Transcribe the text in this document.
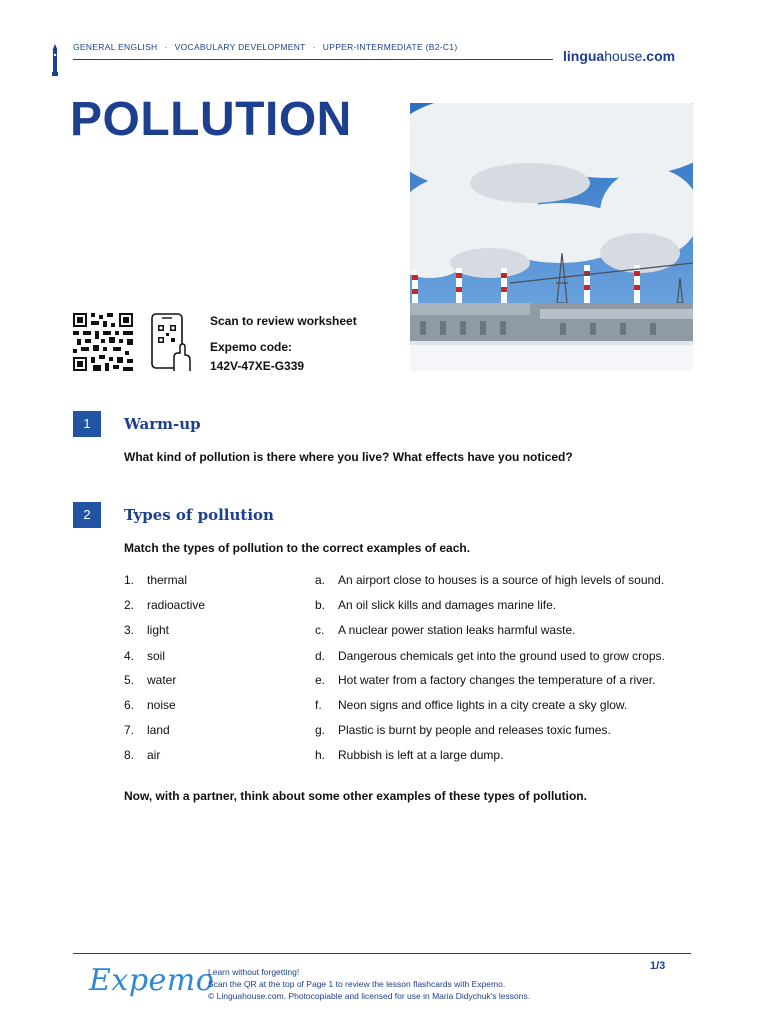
GENERAL ENGLISH · VOCABULARY DEVELOPMENT · UPPER-INTERMEDIATE (B2-C1)
linguahouse.com
POLLUTION
Scan to review worksheet
Expemo code:
142V-47XE-G339
1	Warm-up
What kind of pollution is there where you live? What effects have you noticed?
2	Types of pollution
Match the types of pollution to the correct examples of each.
1. thermal
2. radioactive
3. light
4. soil
5. water
6. noise
7. land
8. air
a. An airport close to houses is a source of high levels of sound.
b. An oil slick kills and damages marine life.
c. A nuclear power station leaks harmful waste.
d. Dangerous chemicals get into the ground used to grow crops.
e. Hot water from a factory changes the temperature of a river.
f. Neon signs and office lights in a city create a sky glow.
g. Plastic is burnt by people and releases toxic fumes.
h. Rubbish is left at a large dump.
Now, with a partner, think about some other examples of these types of pollution.
Expemo
Learn without forgetting!
Scan the QR at the top of Page 1 to review the lesson flashcards with Expemo.
© Linguahouse.com. Photocopiable and licensed for use in Maria Didychuk's lessons.
1/3
